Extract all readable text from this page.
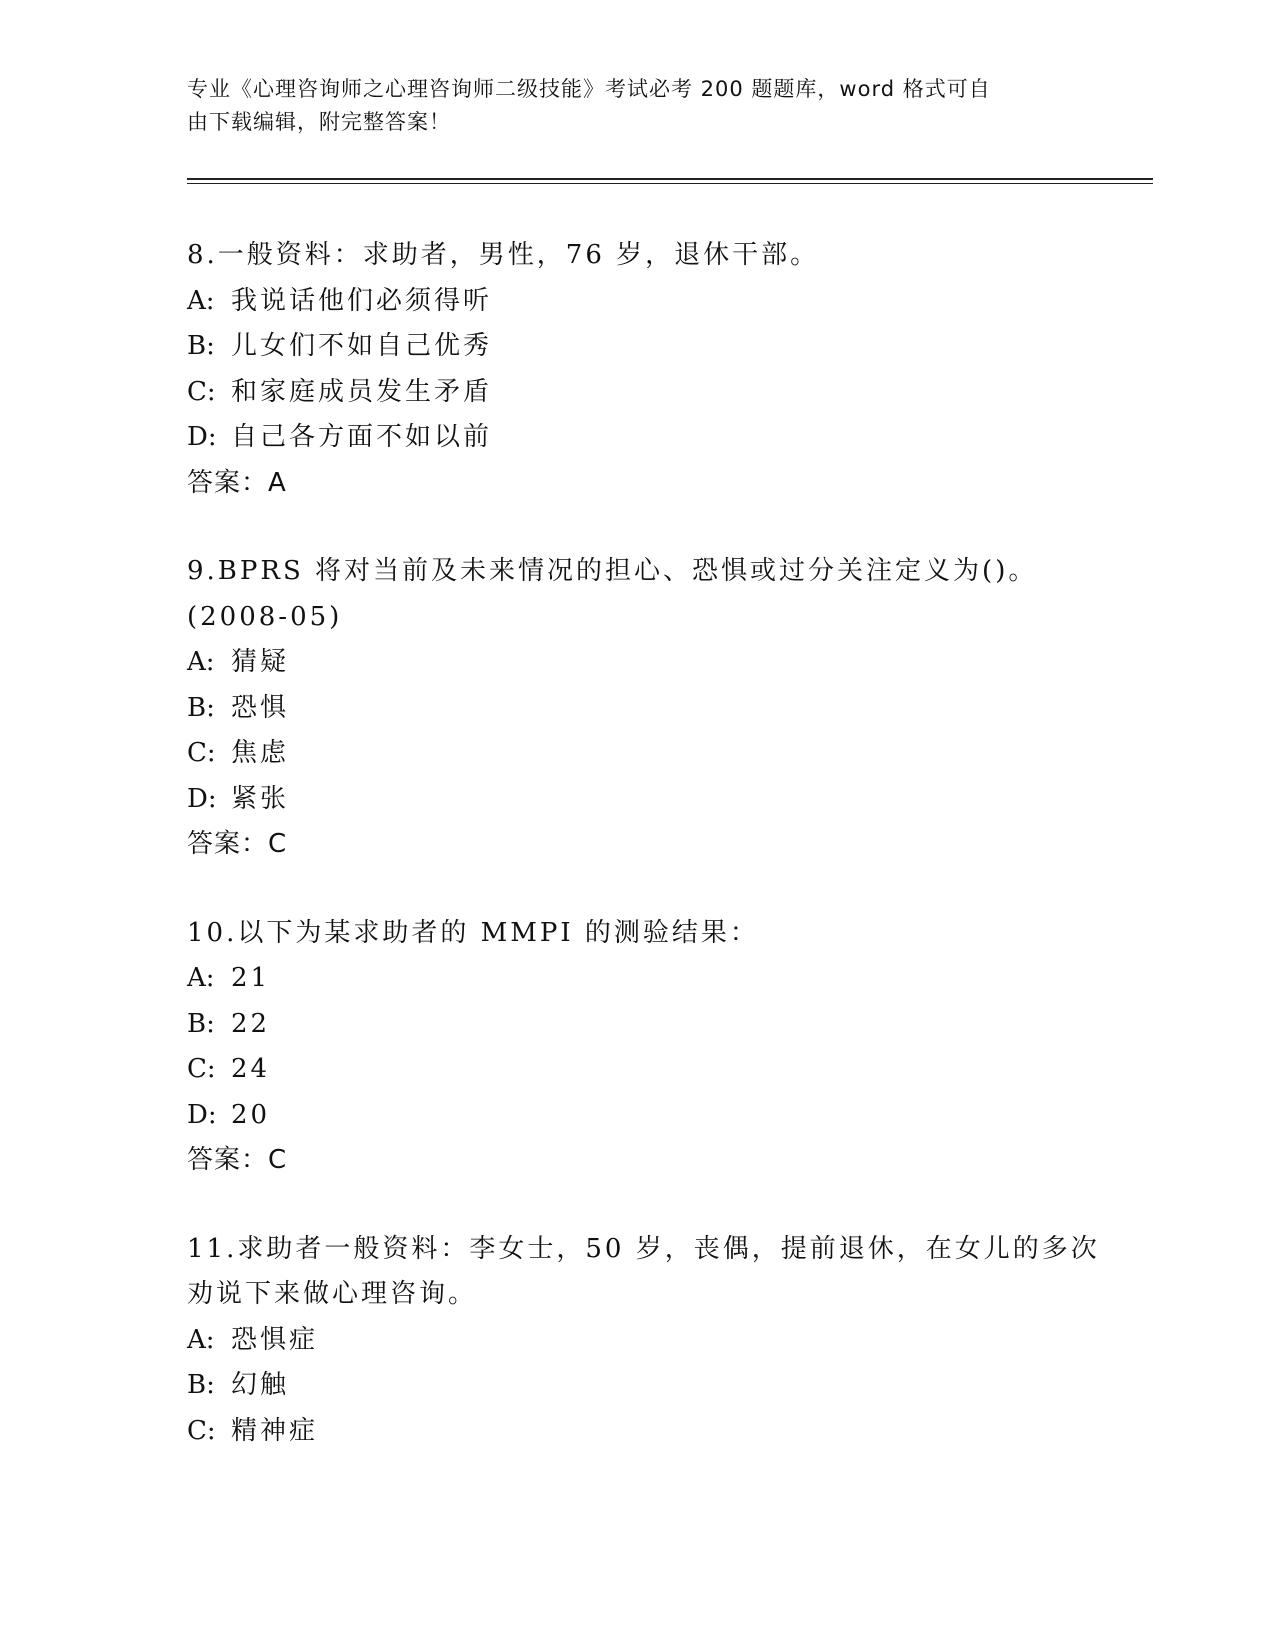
专业《心理咨询师之心理咨询师二级技能》考试必考 200 题题库，word 格式可自
由下载编辑，附完整答案！
8.一般资料：求助者，男性，76 岁，退休干部。
A: 我说话他们必须得听
B: 儿女们不如自己优秀
C: 和家庭成员发生矛盾
D: 自己各方面不如以前
答案：A
9.BPRS 将对当前及未来情况的担心、恐惧或过分关注定义为()。
(2008-05)
A: 猜疑
B: 恐惧
C: 焦虑
D: 紧张
答案：C
10.以下为某求助者的 MMPI 的测验结果：
A: 21
B: 22
C: 24
D: 20
答案：C
11.求助者一般资料：李女士，50 岁，丧偶，提前退休，在女儿的多次
劝说下来做心理咨询。
A: 恐惧症
B: 幻触
C: 精神症
